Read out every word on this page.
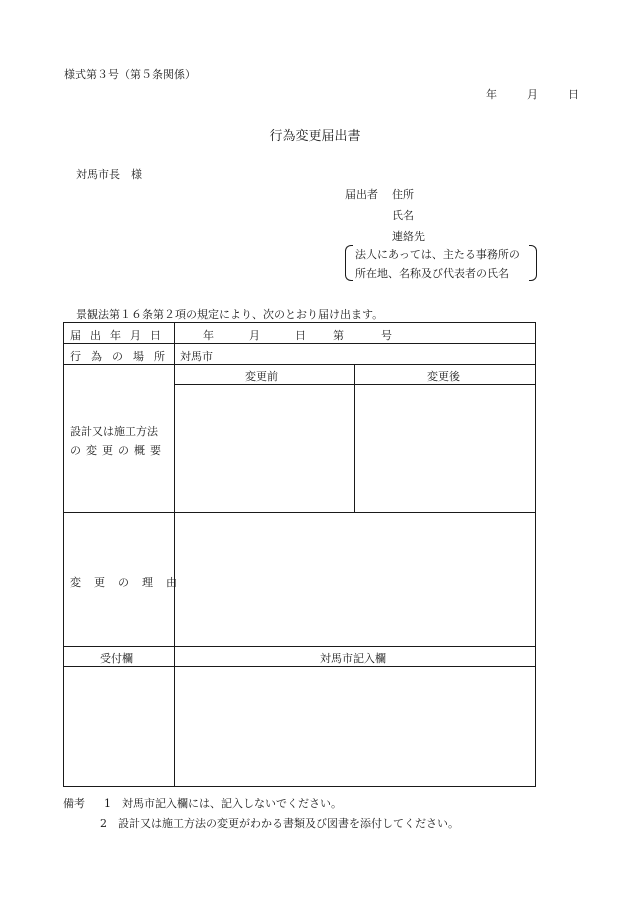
様式第３号（第５条関係）
年	月	日
行為変更届出書
対馬市長　様
届出者 住所
氏名
連絡先
法人にあっては、主たる事務所の
所在地、名称及び代表者の氏名
景観法第１６条第２項の規定により、次のとおり届け出ます。
届出年月日	年	月	日 第	号
行為の場所 対馬市
変更前	変更後
設計又は施工方法
の変更の概要
変更の理由
受付欄	対馬市記入欄
備考 1 対馬市記入欄には、記入しないでください。
2 設計又は施工方法の変更がわかる書類及び図書を添付してください。
